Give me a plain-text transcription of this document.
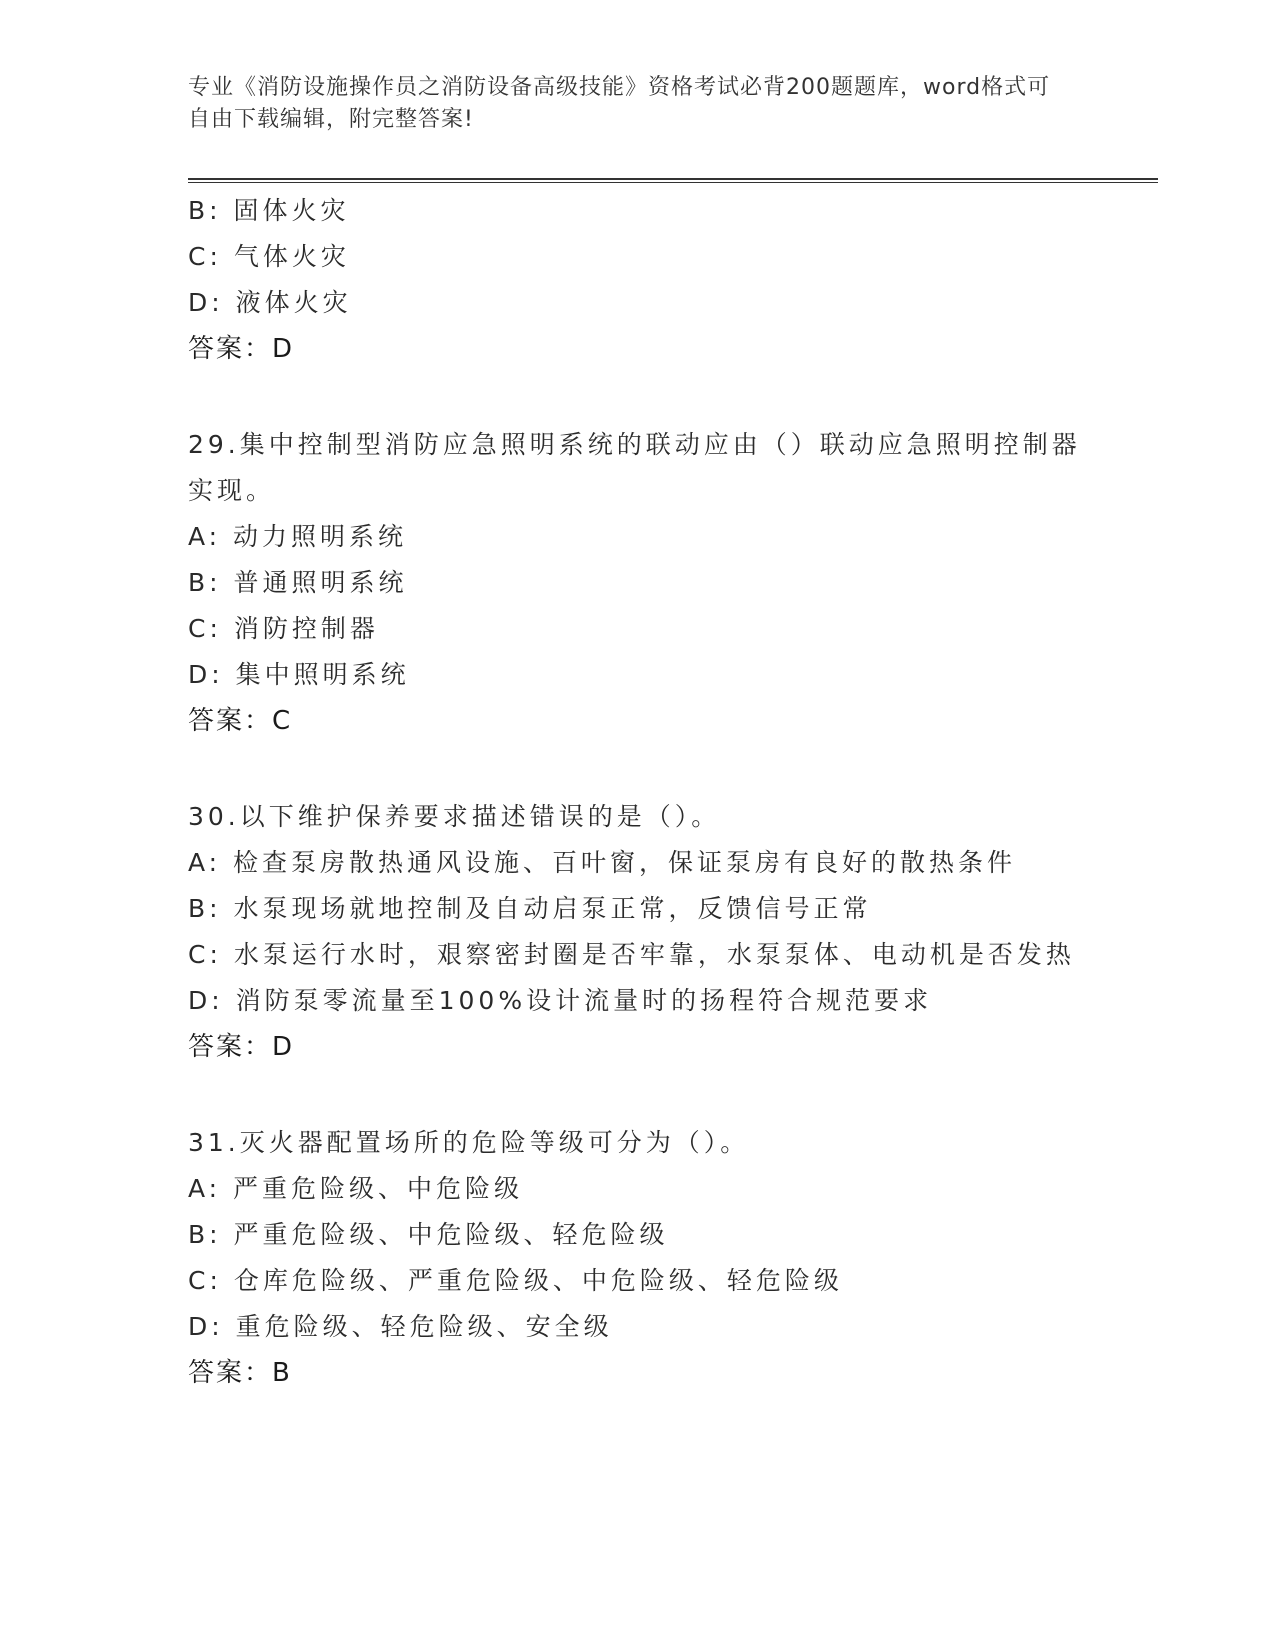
专业《消防设施操作员之消防设备高级技能》资格考试必背200题题库，word格式可自由下载编辑，附完整答案!
B: 固体火灾
C: 气体火灾
D: 液体火灾
答案：D
29.集中控制型消防应急照明系统的联动应由（）联动应急照明控制器实现。
A: 动力照明系统
B: 普通照明系统
C: 消防控制器
D: 集中照明系统
答案：C
30.以下维护保养要求描述错误的是（）。
A: 检查泵房散热通风设施、百叶窗，保证泵房有良好的散热条件
B: 水泵现场就地控制及自动启泵正常，反馈信号正常
C: 水泵运行水时，艰察密封圈是否牢靠，水泵泵体、电动机是否发热
D: 消防泵零流量至100%设计流量时的扬程符合规范要求
答案：D
31.灭火器配置场所的危险等级可分为（）。
A: 严重危险级、中危险级
B: 严重危险级、中危险级、轻危险级
C: 仓库危险级、严重危险级、中危险级、轻危险级
D: 重危险级、轻危险级、安全级
答案：B
